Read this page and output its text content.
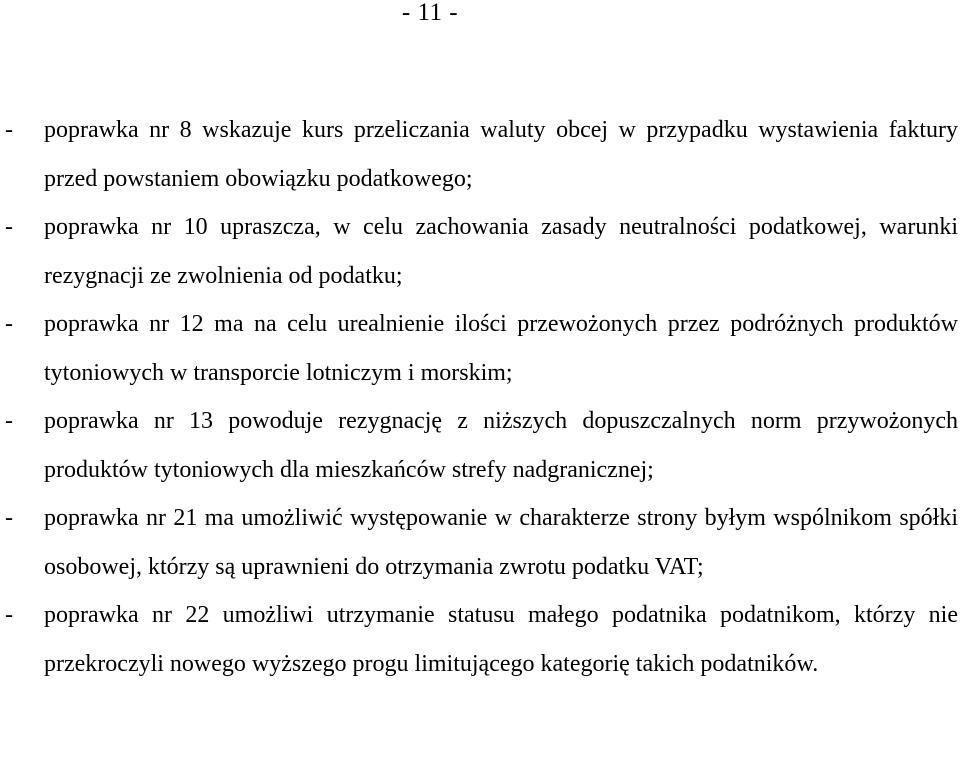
- 11 -
- poprawka nr 8 wskazuje kurs przeliczania waluty obcej w przypadku wystawienia faktury przed powstaniem obowiązku podatkowego;
- poprawka nr 10 upraszcza, w celu zachowania zasady neutralności podatkowej, warunki rezygnacji ze zwolnienia od podatku;
- poprawka nr 12 ma na celu urealnienie ilości przewożonych przez podróżnych produktów tytoniowych w transporcie lotniczym i morskim;
- poprawka nr 13 powoduje rezygnację z niższych dopuszczalnych norm przywożonych produktów tytoniowych dla mieszkańców strefy nadgranicznej;
- poprawka nr 21 ma umożliwić występowanie w charakterze strony byłym wspólnikom spółki osobowej, którzy są uprawnieni do otrzymania zwrotu podatku VAT;
- poprawka nr 22 umożliwi utrzymanie statusu małego podatnika podatnikom, którzy nie przekroczyli nowego wyższego progu limitującego kategorię takich podatników.
